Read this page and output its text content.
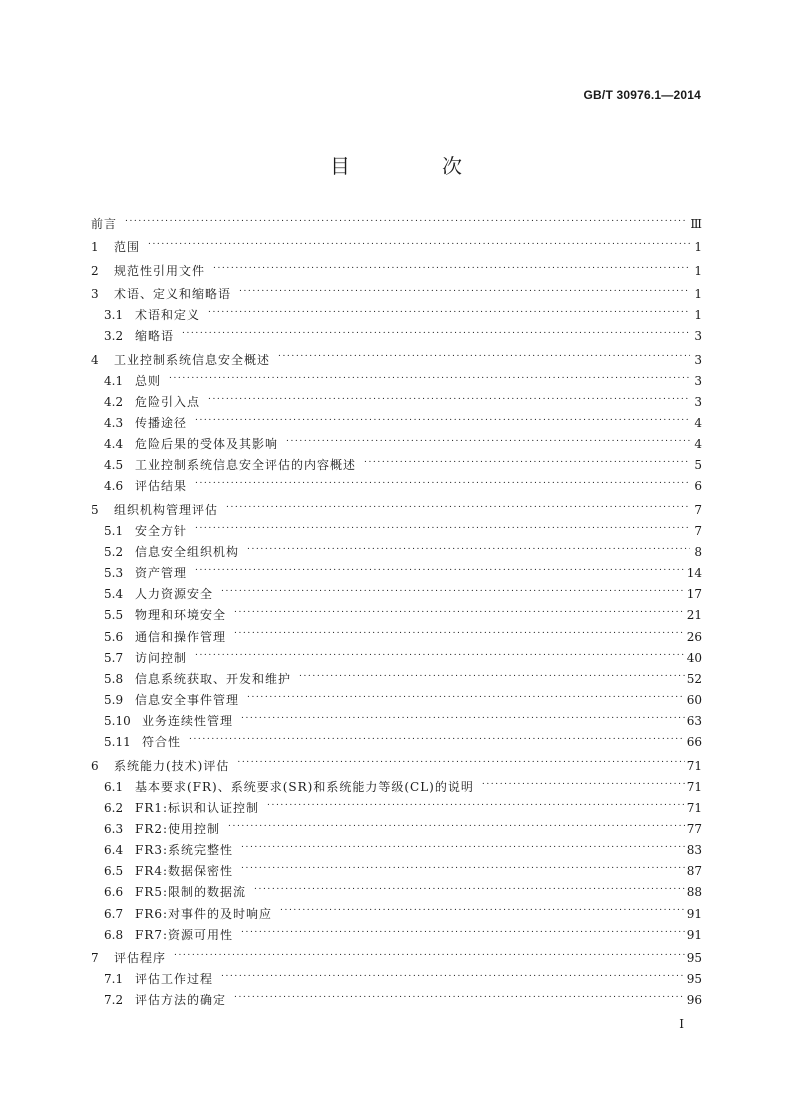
GB/T 30976.1—2014
目　次
前言 .....	Ⅲ
1	范围 .....	1
2	规范性引用文件 .....	1
3	术语、定义和缩略语 .....	1
3.1 术语和定义 .....	1
3.2 缩略语 .....	3
4	工业控制系统信息安全概述 .....	3
4.1 总则 .....	3
4.2 危险引入点 .....	3
4.3 传播途径 .....	4
4.4 危险后果的受体及其影响 .....	4
4.5 工业控制系统信息安全评估的内容概述 .....	5
4.6 评估结果 .....	6
5	组织机构管理评估 .....	7
5.1 安全方针 .....	7
5.2 信息安全组织机构 .....	8
5.3 资产管理 .....	14
5.4 人力资源安全 .....	17
5.5 物理和环境安全 .....	21
5.6 通信和操作管理 .....	26
5.7 访问控制 .....	40
5.8 信息系统获取、开发和维护 .....	52
5.9 信息安全事件管理 .....	60
5.10 业务连续性管理 .....	63
5.11 符合性 .....	66
6	系统能力(技术)评估 .....	71
6.1 基本要求(FR)、系统要求(SR)和系统能力等级(CL)的说明 .....	71
6.2 FR1:标识和认证控制 .....	71
6.3 FR2:使用控制 .....	77
6.4 FR3:系统完整性 .....	83
6.5 FR4:数据保密性 .....	87
6.6 FR5:限制的数据流 .....	88
6.7 FR6:对事件的及时响应 .....	91
6.8 FR7:资源可用性 .....	91
7	评估程序 .....	95
7.1 评估工作过程 .....	95
7.2 评估方法的确定 .....	96
I
